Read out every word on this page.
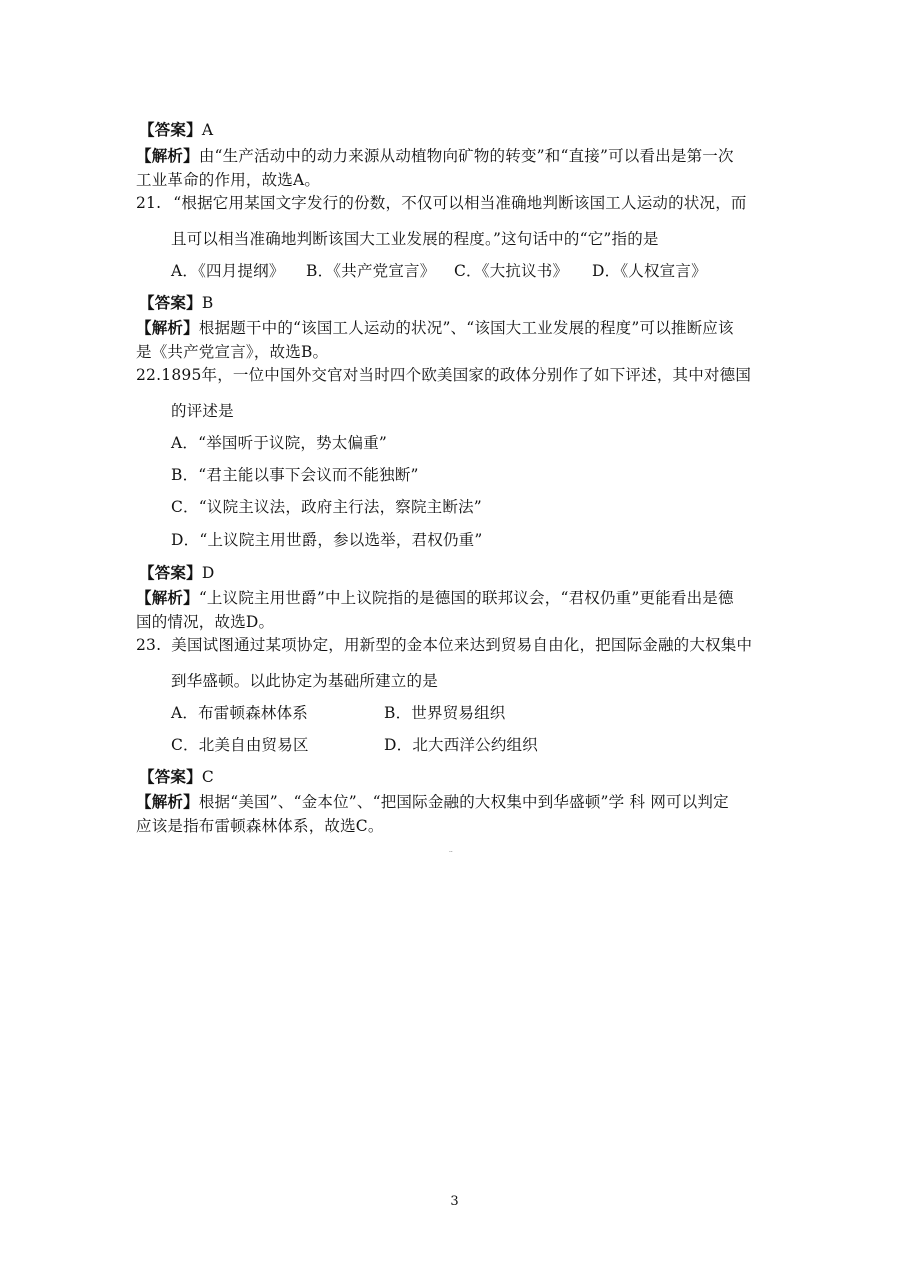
【答案】A
【解析】由“生产活动中的动力来源从动植物向矿物的转变”和“直接”可以看出是第一次
工业革命的作用，故选A。
21. “根据它用某国文字发行的份数，不仅可以相当准确地判断该国工人运动的状况，而
且可以相当准确地判断该国大工业发展的程度。”这句话中的“它”指的是
A．《四月提纲》 B．《共产党宣言》 C．《大抗议书》 D．《人权宣言》
【答案】B
【解析】根据题干中的“该国工人运动的状况”、“该国大工业发展的程度”可以推断应该
是《共产党宣言》，故选B。
22.1895年，一位中国外交官对当时四个欧美国家的政体分别作了如下评述，其中对德国
的评述是
A．“举国听于议院，势太偏重”
B．“君主能以事下会议而不能独断”
C．“议院主议法，政府主行法，察院主断法”
D．“上议院主用世爵，参以选举，君权仍重”
【答案】D
【解析】“上议院主用世爵”中上议院指的是德国的联邦议会，“君权仍重”更能看出是德
国的情况，故选D。
23. 美国试图通过某项协定，用新型的金本位来达到贸易自由化，把国际金融的大权集中
到华盛顿。以此协定为基础所建立的是
A．布雷顿森林体系	B．世界贸易组织
C．北美自由贸易区	D．北大西洋公约组织
【答案】C
【解析】根据“美国”、“金本位”、“把国际金融的大权集中到华盛顿”学 科 网可以判定
应该是指布雷顿森林体系，故选C。
..
3
